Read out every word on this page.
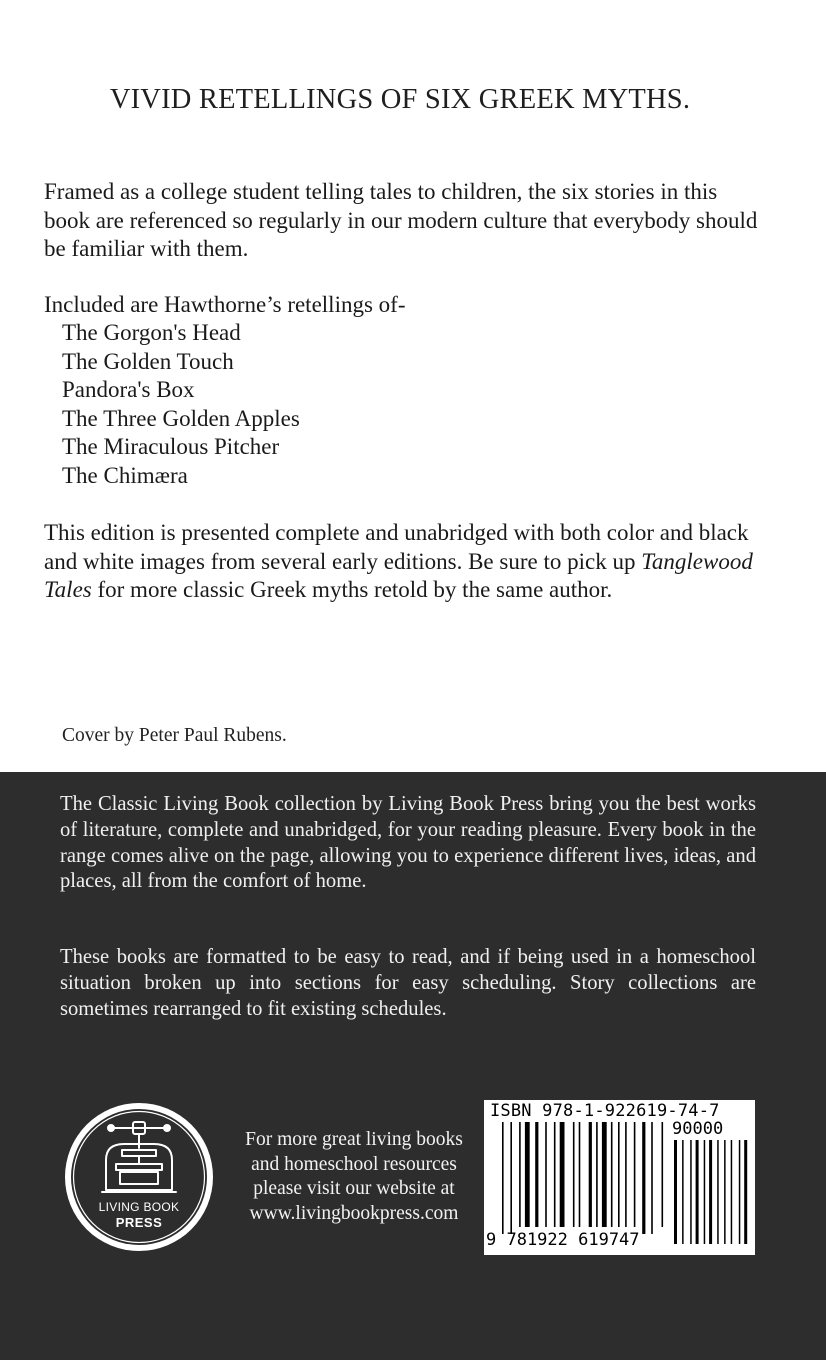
VIVID RETELLINGS OF SIX GREEK MYTHS.
Framed as a college student telling tales to children, the six stories in this book are referenced so regularly in our modern culture that everybody should be familiar with them.
Included are Hawthorne’s retellings of-
The Gorgon's Head
The Golden Touch
Pandora's Box
The Three Golden Apples
The Miraculous Pitcher
The Chimæra
This edition is presented complete and unabridged with both color and black and white images from several early editions. Be sure to pick up Tanglewood Tales for more classic Greek myths retold by the same author.
Cover by Peter Paul Rubens.
The Classic Living Book collection by Living Book Press bring you the best works of literature, complete and unabridged, for your reading pleasure. Every book in the range comes alive on the page, allowing you to experience different lives, ideas, and places, all from the comfort of home.
These books are formatted to be easy to read, and if being used in a homeschool situation broken up into sections for easy scheduling. Story collections are sometimes rearranged to fit existing schedules.
LIVING BOOK
PRESS
For more great living books
and homeschool resources
please visit our website at
www.livingbookpress.com
ISBN 978-1-922619-74-7
90000
9 781922 619747
